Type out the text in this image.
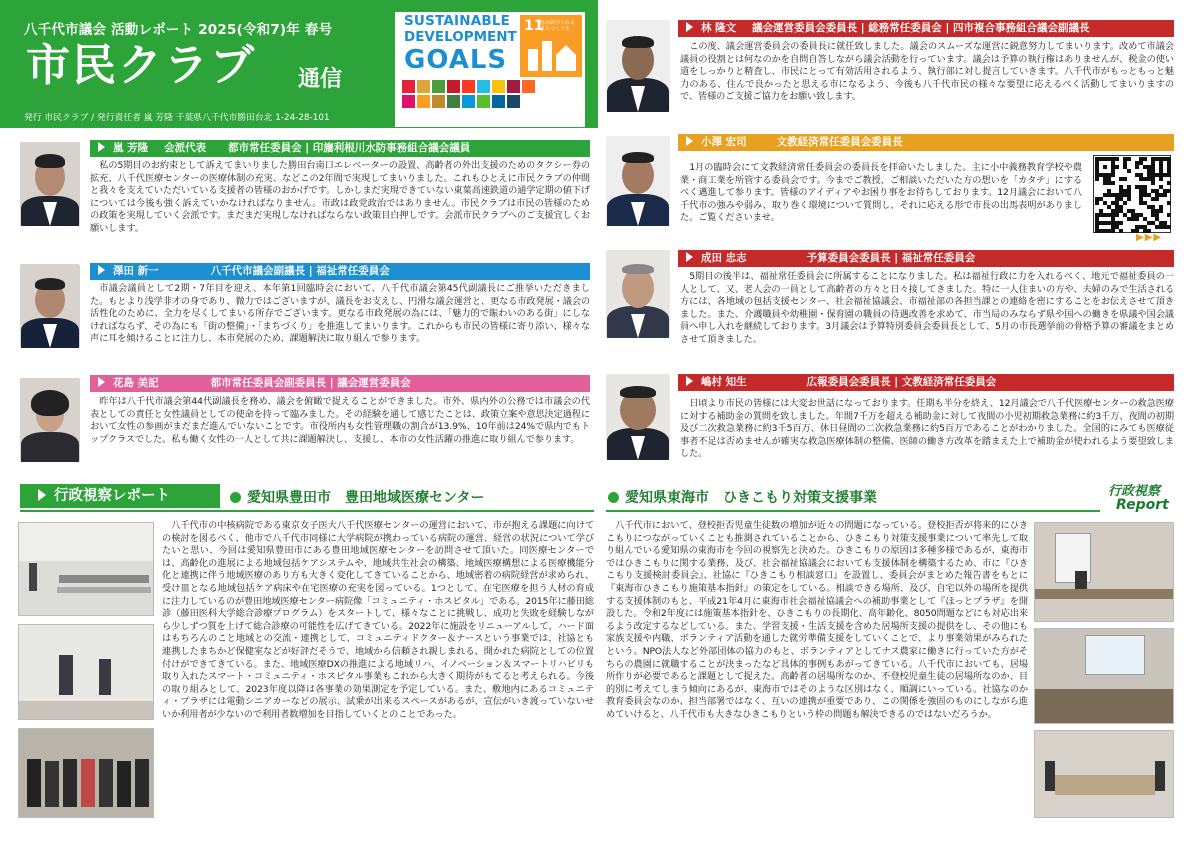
八千代市議会 活動レポート 2025(令和7)年 春号
市民クラブ 通信
発行 市民クラブ / 発行責任者 嵐 芳隆 千葉県八千代市勝田台北 1-24-28-101
SUSTAINABLE
DEVELOPMENT
GOALS
11
住み続けられる まちづくりを
嵐 芳隆 会派代表 都市常任委員会 | 印旛利根川水防事務組合議会議員
私の5期目のお約束として訴えてまいりました勝田台南口エレベーターの設置、高齢者の外出支援のためのタクシー券の拡充、八千代医療センターの医療体制の充実、などこの2年間で実現してまいりました。これもひとえに市民クラブの仲間と我々を支えていただいている支援者の皆様のおかげです。しかしまだ実現できていない東葉高速鉄道の通学定期の値下げについては今後も強く訴えていかなければなりません。市政は政党政治ではありません。市民クラブは市民の皆様のための政策を実現していく会派です。まだまだ実現しなければならない政策目白押しです。会派市民クラブへのご支援宜しくお願いします。
澤田 新一	八千代市議会副議長 | 福祉常任委員会
市議会議員として2期・7年目を迎え、本年第1回臨時会において、八千代市議会第45代副議長にご推挙いただきました。もとより浅学非才の身であり、微力ではございますが、議長をお支えし、円滑な議会運営と、更なる市政発展・議会の活性化のために、全力を尽くしてまいる所存でございます。更なる市政発展の為には、「魅力的で賑わいのある街」にしなければならず、その為にも「街の整備」・「まちづくり」を推進してまいります。これからも市民の皆様に寄り添い、様々な声に耳を傾けることに注力し、本市発展のため、課題解決に取り組んで参ります。
花島 美記	都市常任委員会副委員長 | 議会運営委員会
昨年は八千代市議会第44代副議長を務め、議会を俯瞰で捉えることができました。市外、県内外の公務では市議会の代表としての責任と女性議員としての使命を持って臨みました。その経験を通して感じたことは、政策立案や意思決定過程において女性の参画がまだまだ進んでいないことです。市役所内も女性管理職の割合が13.9%、10年前は24%で県内でもトップクラスでした。私も働く女性の一人として共に課題解決し、支援し、本市の女性活躍の推進に取り組んで参ります。
林 隆文 議会運営委員会委員長 | 総務常任委員会 | 四市複合事務組合議会副議長
この度、議会運営委員会の委員長に就任致しました。議会のスムーズな運営に鋭意努力してまいります。改めて市議会議員の役割とは何なのかを自問自答しながら議会活動を行っています。議会は予算の執行権はありませんが、税金の使い道をしっかりと精査し、市民にとって有効活用されるよう、執行部に対し提言していきます。八千代市がもっともっと魅力のある、住んで良かったと思える市になるよう、今後も八千代市民の様々な要望に応えるべく活動してまいりますので、皆様のご支援ご協力をお願い致します。
小澤 宏司	文教経済常任委員会委員長
1月の臨時会にて文教経済常任委員会の委員長を拝命いたしました。主に小中義務教育学校や農業・商工業を所管する委員会です。今までご教授、ご相談いただいた方の想いを「カタチ」にするべく邁進して参ります。皆様のアイディアやお困り事をお待ちしております。12月議会において八千代市の強みや弱み、取り巻く環境について質問し、それに応える形で市長の出馬表明がありました。ご覧くださいませ。
▶▶▶
成田 忠志	予算委員会委員長 | 福祉常任委員会
5期目の後半は、福祉常任委員会に所属することになりました。私は福祉行政に力を入れるべく、地元で福祉委員の一人として、又、老人会の一員として高齢者の方々と日々接してきました。特に一人住まいの方や、夫婦のみで生活される方には、各地域の包括支援センター、社会福祉協議会、市福祉部の各担当課との連絡を密にすることをお伝えさせて頂きました。また、介護職員や幼稚園・保育園の職員の待遇改善を求めて、市当局のみならず県や国への働きを県議や国会議員へ申し入れを継続しております。3月議会は予算特別委員会委員長として、5月の市長選挙前の骨格予算の審議をまとめさせて頂きました。
嶋村 知生	広報委員会委員長 | 文教経済常任委員会
日頃より市民の皆様には大変お世話になっております。任期も半分を終え、12月議会で八千代医療センターの救急医療に対する補助金の質問を致しました。年間7千万を超える補助金に対して夜間の小児初期救急業務に約3千万、夜間の初期及び二次救急業務に約3千5百万、休日昼間の二次救急業務に約5百万であることがわかりました。全国的にみても医療従事者不足は否めませんが確実な救急医療体制の整備、医師の働き方改革を踏まえた上で補助金が使われるよう要望致しました。
行政視察レポート	愛知県豊田市　豊田地域医療センター	愛知県東海市　ひきこもり対策支援事業	行政視察
Report
八千代市の中核病院である東京女子医大八千代医療センターの運営において、市が抱える課題に向けての検討を図るべく、他市で八千代市同様に大学病院が携わっている病院の運営、経営の状況について学びたいと思い、今回は愛知県豊田市にある豊田地域医療センターを訪問させて頂いた。同医療センターでは、高齢化の進展による地域包括ケアシステムや、地域共生社会の構築、地域医療構想による医療機能分化と連携に伴う地域医療のあり方も大きく変化してきていることから、地域密着の病院経営が求められ、受け皿となる地域包括ケア病床や在宅医療の充実を図っている。1つとして、在宅医療を担う人材の育成に注力しているのが豊田地域医療センター病院像「コミュニティ・ホスピタル」である。2015年に藤田総診（藤田医科大学総合診療プログラム）をスタートして、様々なことに挑戦し、成功と失敗を経験しながら少しずつ質を上げて総合診療の可能性を広げてきている。2022年に施設をリニューアルして、ハード面はもちろんのこと地域との交流・連携として、コミュニティドクター＆ナースという事業では、社協とも連携したまちかど保健室などが好評だそうで、地域から信頼され親しまれる、開かれた病院としての位置付けができてきている。また、地域医療DXの推進による地域リハ、イノベーション＆スマートリハビリも取り入れたスマート・コミュニティ・ホスピタル事業もこれから大きく期待がもてると考えられる。今後の取り組みとして、2023年度以降は各事業の効果測定を予定している。また、敷地内にあるコミュニティ・プラザには電動シニアカーなどの展示、試乗が出来るスペースがあるが、宣伝がいき渡っていないせいか利用者が少ないので利用者数増加を目指していくとのことであった。
八千代市において、登校拒否児童生徒数の増加が近々の問題になっている。登校拒否が将来的にひきこもりにつながっていくことも推測されていることから、ひきこもり対策支援事業について率先して取り組んでいる愛知県の東海市を今回の視察先と決めた。ひきこもりの原因は多種多様であるが、東海市ではひきこもりに関する業務、及び、社会福祉協議会においても支援体制を構築するため、市に『ひきこもり支援検討委員会』、社協に『ひきこもり相談窓口』を設置し、委員会がまとめた報告書をもとに『東海市ひきこもり施策基本指針』の策定をしている。相談できる場所、及び、自宅以外の場所を提供する支援体制のもと、平成21年4月に東海市社会福祉協議会への補助事業として『ほっとプラザ』を開設した。令和2年度には施策基本指針を、ひきこもりの長期化、高年齢化、8050問題などにも対応出来るよう改定するなどしている。また、学習支援・生活支援を含めた居場所支援の提供をし、その他にも家族支援や内職、ボランティア活動を通した就労準備支援をしていくことで、より事業効果がみられたという。NPO法人など外部団体の協力のもと、ボランティアとしてナス農家に働きに行っていた方がそちらの農園に就職することが決まったなど具体的事例もあがってきている。八千代市においても、居場所作りが必要であると課題として捉えた。高齢者の居場所なのか、不登校児童生徒の居場所なのか、目的別に考えてしまう傾向にあるが、東海市ではそのような区別はなく、順調にいっている。社協なのか教育委員会なのか、担当部署ではなく、互いの連携が重要であり、この関係を強固のものにしながら進めていけると、八千代市も大きなひきこもりという枠の問題も解決できるのではないだろうか。
